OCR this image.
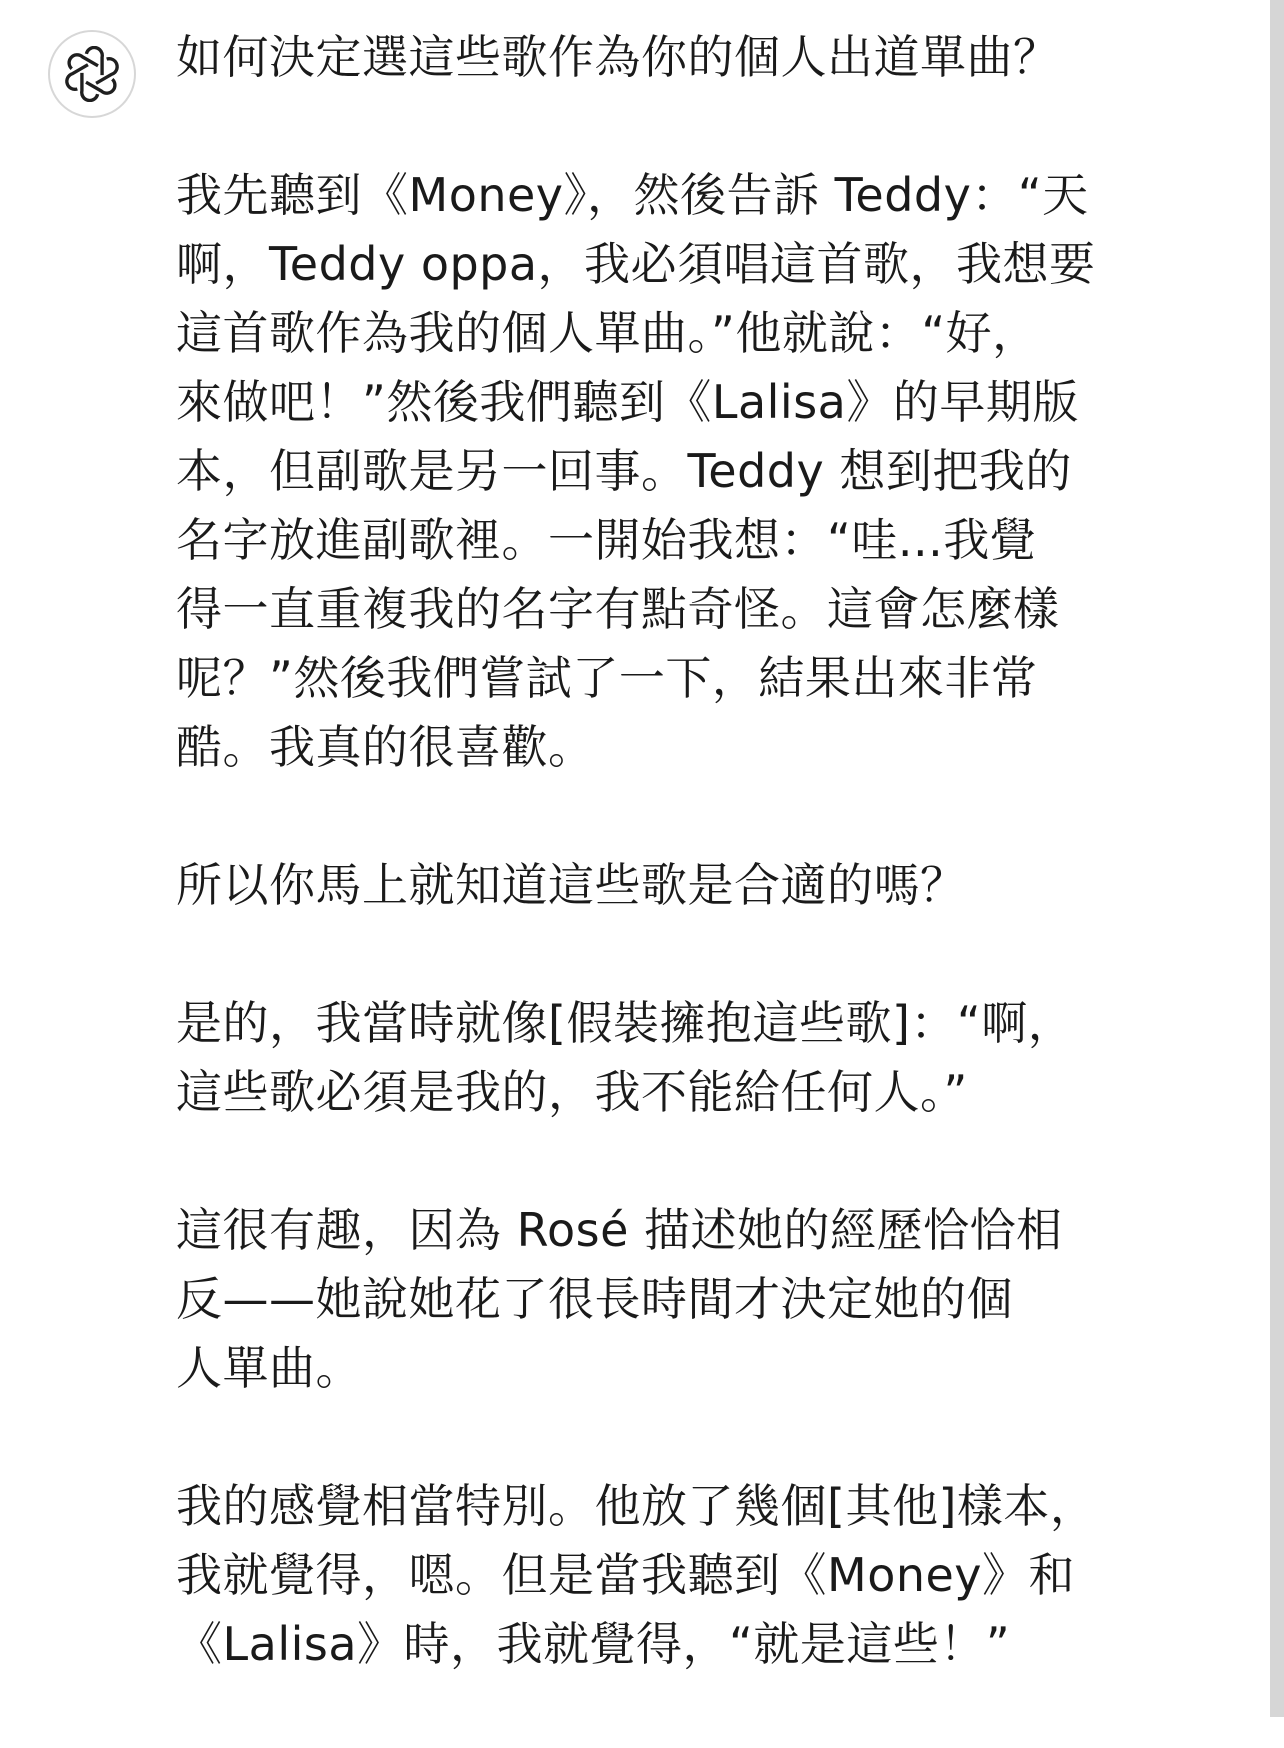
如何決定選這些歌作為你的個人出道單曲？

我先聽到《Money》，然後告訴 Teddy：“天
啊，Teddy oppa，我必須唱這首歌，我想要
這首歌作為我的個人單曲。”他就說：“好，
來做吧！”然後我們聽到《Lalisa》的早期版
本，但副歌是另一回事。Teddy 想到把我的
名字放進副歌裡。一開始我想：“哇...我覺
得一直重複我的名字有點奇怪。這會怎麼樣
呢？”然後我們嘗試了一下，結果出來非常
酷。我真的很喜歡。

所以你馬上就知道這些歌是合適的嗎？

是的，我當時就像[假裝擁抱這些歌]：“啊，
這些歌必須是我的，我不能給任何人。”

這很有趣，因為 Rosé 描述她的經歷恰恰相
反——她說她花了很長時間才決定她的個
人單曲。

我的感覺相當特別。他放了幾個[其他]樣本，
我就覺得，嗯。但是當我聽到《Money》和
《Lalisa》時，我就覺得，“就是這些！”
